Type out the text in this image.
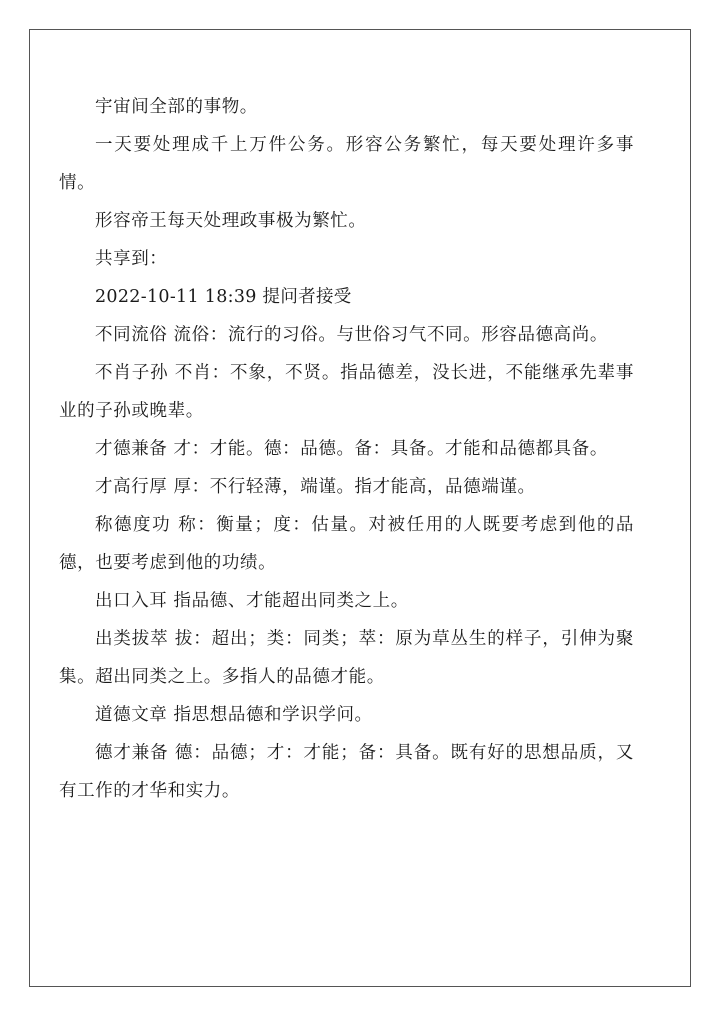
宇宙间全部的事物。

一天要处理成千上万件公务。形容公务繁忙，每天要处理许多事情。

形容帝王每天处理政事极为繁忙。

共享到：

2022-10-11 18:39 提问者接受

不同流俗 流俗：流行的习俗。与世俗习气不同。形容品德高尚。

不肖子孙 不肖：不象，不贤。指品德差，没长进，不能继承先辈事业的子孙或晚辈。

才德兼备 才：才能。德：品德。备：具备。才能和品德都具备。

才高行厚 厚：不行轻薄，端谨。指才能高，品德端谨。

称德度功 称：衡量；度：估量。对被任用的人既要考虑到他的品德，也要考虑到他的功绩。

出口入耳 指品德、才能超出同类之上。

出类拔萃 拔：超出；类：同类；萃：原为草丛生的样子，引伸为聚集。超出同类之上。多指人的品德才能。

道德文章 指思想品德和学识学问。

德才兼备 德：品德；才：才能；备：具备。既有好的思想品质，又有工作的才华和实力。
